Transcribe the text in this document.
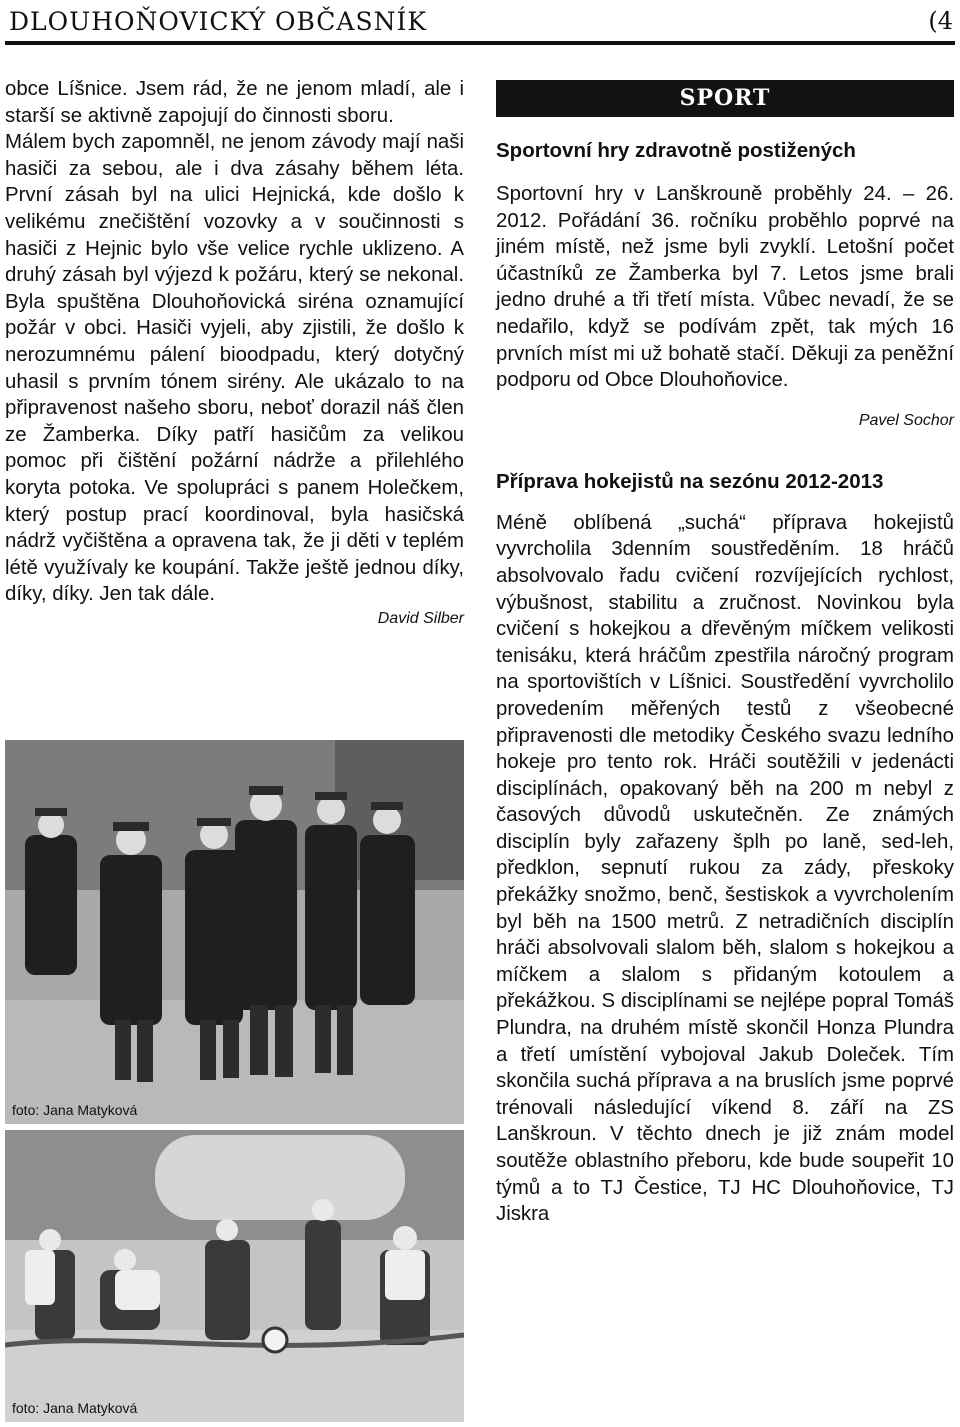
DLOUHOŇOVICKÝ OBČASNÍK	(4

obce Líšnice. Jsem rád, že ne jenom mladí, ale i starší se aktivně zapojují do činnosti sboru.

Málem bych zapomněl, ne jenom závody mají naši hasiči za sebou, ale i dva zásahy během léta. První zásah byl na ulici Hejnická, kde došlo k velikému znečištění vozovky a v součinnosti s hasiči z Hejnic bylo vše velice rychle uklizeno. A druhý zásah byl výjezd k požáru, který se nekonal. Byla spuštěna Dlouhoňovická siréna oznamující požár v obci. Hasiči vyjeli, aby zjistili, že došlo k nerozumnému pálení bioodpadu, který dotyčný uhasil s prvním tónem sirény. Ale ukázalo to na připravenost našeho sboru, neboť dorazil náš člen ze Žamberka. Díky patří hasičům za velikou pomoc při čištění požární nádrže a přilehlého koryta potoka. Ve spolupráci s panem Holečkem, který postup prací koordinoval, byla hasičská nádrž vyčištěna a opravena tak, že ji děti v teplém létě využívaly ke koupání. Takže ještě jednou díky, díky, díky. Jen tak dále.

David Silber
foto: Jana Matyková
foto: Jana Matyková
SPORT
Sportovní hry zdravotně postižených

Sportovní hry v Lanškrouně proběhly 24. – 26. 2012. Pořádání 36. ročníku proběhlo poprvé na jiném místě, než jsme byli zvyklí. Letošní počet účastníků ze Žamberka byl 7. Letos jsme brali jedno druhé a tři třetí místa. Vůbec nevadí, že se nedařilo, když se podívám zpět, tak mých 16 prvních míst mi už bohatě stačí. Děkuji za peněžní podporu od Obce Dlouhoňovice.

Pavel Sochor
Příprava hokejistů na sezónu 2012-2013

Méně oblíbená „suchá“ příprava hokejistů vyvrcholila 3denním soustředěním. 18 hráčů absolvovalo řadu cvičení rozvíjejících rychlost, výbušnost, stabilitu a zručnost. Novinkou byla cvičení s hokejkou a dřevěným míčkem velikosti tenisáku, která hráčům zpestřila náročný program na sportovištích v Líšnici. Soustředění vyvrcholilo provedením měřených testů z všeobecné připravenosti dle metodiky Českého svazu ledního hokeje pro tento rok. Hráči soutěžili v jedenácti disciplínách, opakovaný běh na 200 m nebyl z časových důvodů uskutečněn. Ze známých disciplín byly zařazeny šplh po laně, sed-leh, předklon, sepnutí rukou za zády, přeskoky překážky snožmo, benč, šestiskok a vyvrcholením byl běh na 1500 metrů. Z netradičních disciplín hráči absolvovali slalom běh, slalom s hokejkou a míčkem a slalom s přidaným kotoulem a překážkou. S disciplínami se nejlépe popral Tomáš Plundra, na druhém místě skončil Honza Plundra a třetí umístění vybojoval Jakub Doleček. Tím skončila suchá příprava a na bruslích jsme poprvé trénovali následující víkend 8. září na ZS Lanškroun. V těchto dnech je již znám model soutěže oblastního přeboru, kde bude soupeřit 10 týmů a to TJ Čestice, TJ HC Dlouhoňovice, TJ Jiskra
